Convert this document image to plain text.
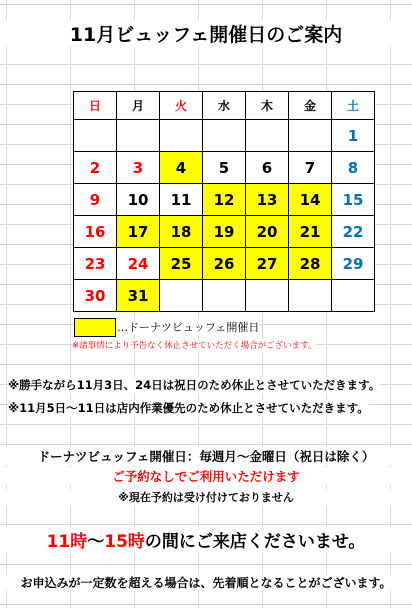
11月ビュッフェ開催日のご案内
日	月	火	水	木	金	土
						1
2	3	4	5	6	7	8
9	10	11	12	13	14	15
16	17	18	19	20	21	22
23	24	25	26	27	28	29
30	31					
…ドーナツビュッフェ開催日
※諸事情により予告なく休止させていただく場合がございます。
※勝手ながら11月3日、24日は祝日のため休止とさせていただきます。
※11月5日〜11日は店内作業優先のため休止とさせていただきます。
ドーナツビュッフェ開催日：毎週月〜金曜日（祝日は除く）
ご予約なしでご利用いただけます
※現在予約は受け付けておりません
11時〜15時の間にご来店くださいませ。
お申込みが一定数を超える場合は、先着順となることがございます。
